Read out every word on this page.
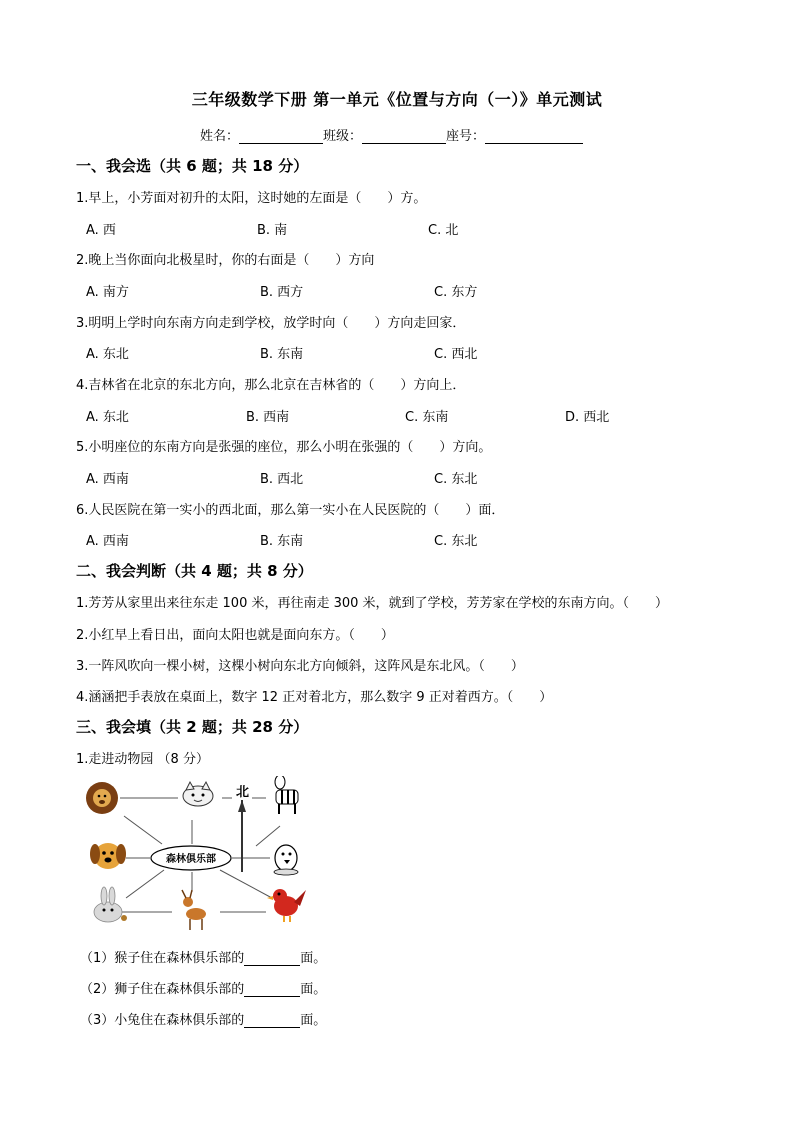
三年级数学下册 第一单元《位置与方向（一）》单元测试
姓名：	班级：	座号：
一、我会选（共 6 题；共 18 分）
1.早上，小芳面对初升的太阳，这时她的左面是（　　）方。
A. 西	B. 南	C. 北
2.晚上当你面向北极星时，你的右面是（　　）方向
A. 南方	B. 西方	C. 东方
3.明明上学时向东南方向走到学校，放学时向（　　）方向走回家．
A. 东北	B. 东南	C. 西北
4.吉林省在北京的东北方向，那么北京在吉林省的（　　）方向上．
A. 东北	B. 西南	C. 东南	D. 西北
5.小明座位的东南方向是张强的座位，那么小明在张强的（　　）方向。
A. 西南	B. 西北	C. 东北
6.人民医院在第一实小的西北面，那么第一实小在人民医院的（　　）面．
A. 西南	B. 东南	C. 东北
二、我会判断（共 4 题；共 8 分）
1.芳芳从家里出来往东走 100 米，再往南走 300 米，就到了学校，芳芳家在学校的东南方向。（　　）
2.小红早上看日出，面向太阳也就是面向东方。（　　）
3.一阵风吹向一棵小树，这棵小树向东北方向倾斜，这阵风是东北风。（　　）
4.涵涵把手表放在桌面上，数字 12 正对着北方，那么数字 9 正对着西方。（　　）
三、我会填（共 2 题；共 28 分）
1.走进动物园 （8 分）
北
森林俱乐部
（1）猴子住在森林俱乐部的	面。
（2）狮子住在森林俱乐部的	面。
（3）小兔住在森林俱乐部的	面。
